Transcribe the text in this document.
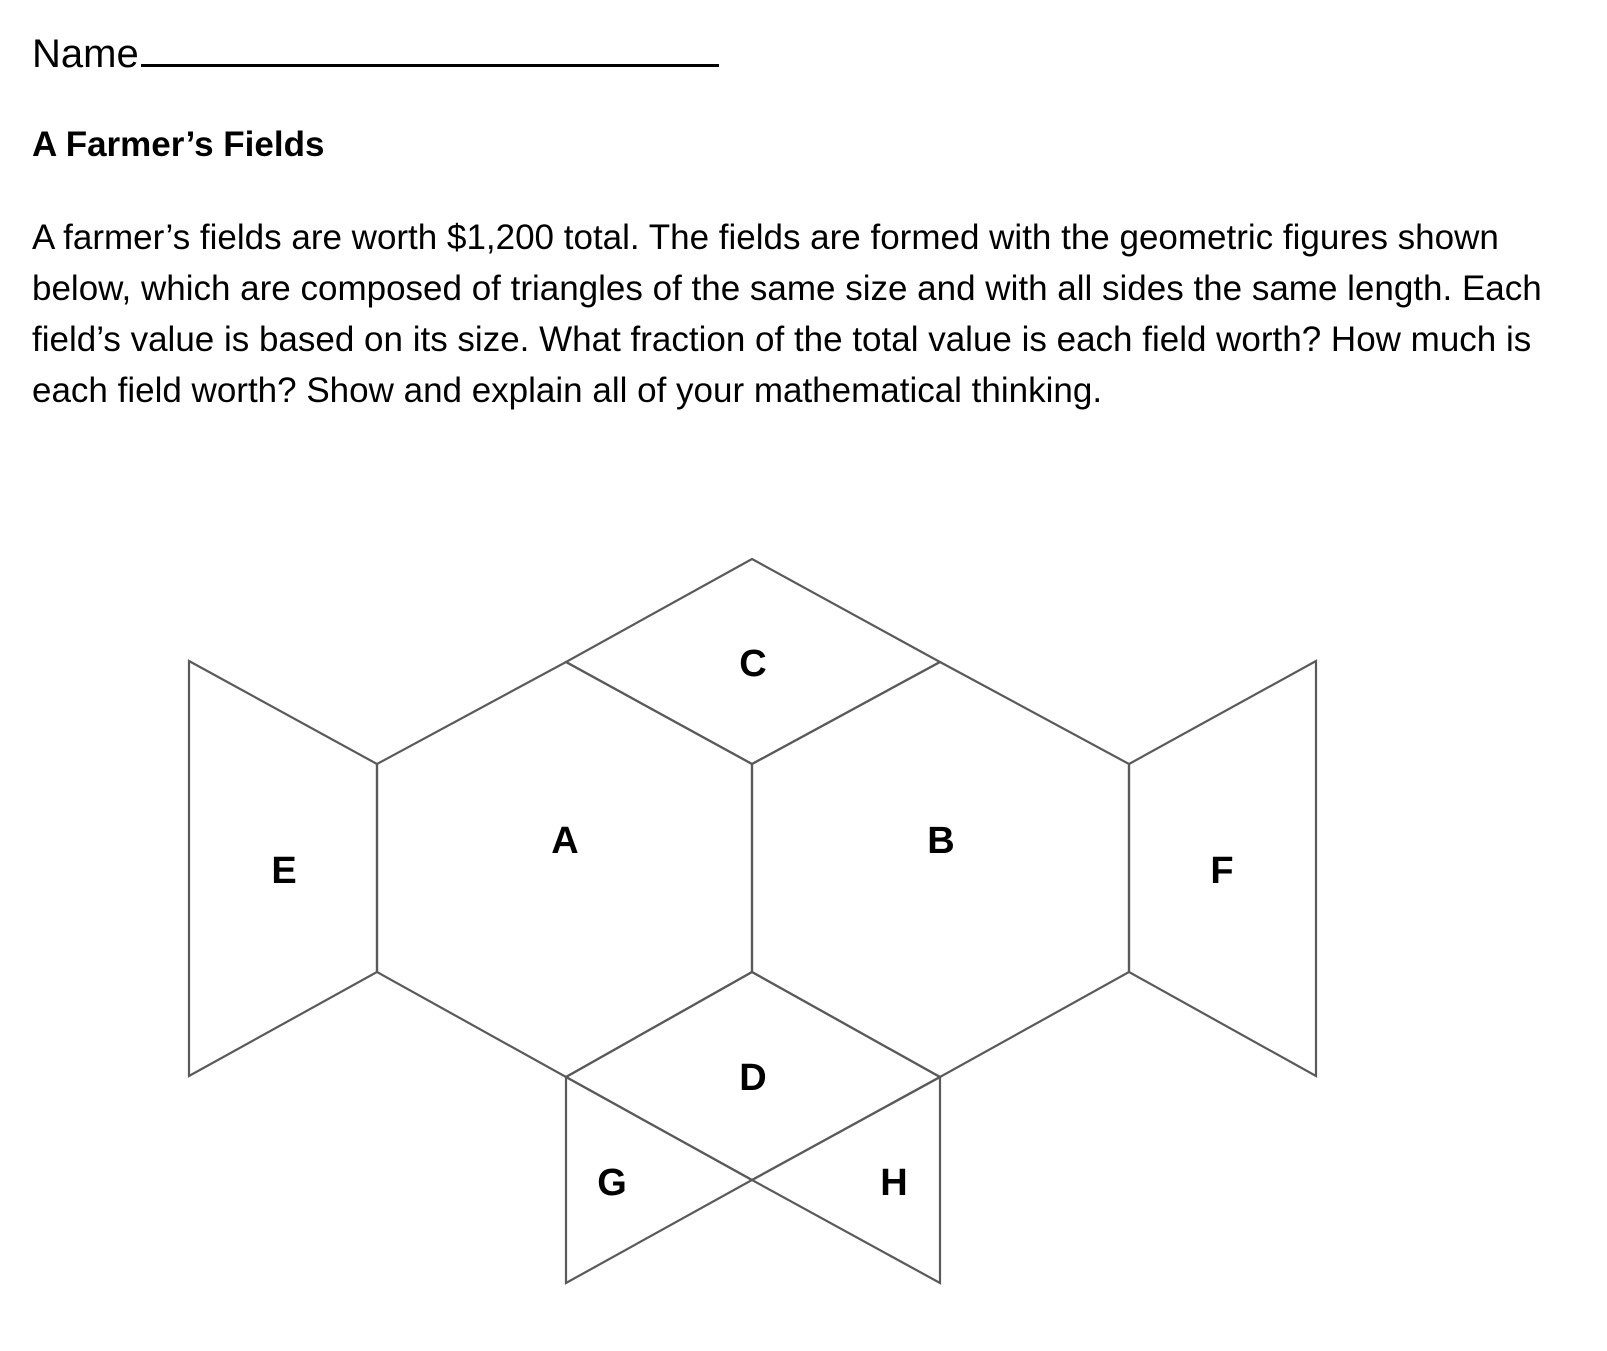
Name
A Farmer’s Fields

A farmer’s fields are worth $1,200 total. The fields are formed with the geometric figures shown below, which are composed of triangles of the same size and with all sides the same length. Each field’s value is based on its size. What fraction of the total value is each field worth? How much is each field worth? Show and explain all of your mathematical thinking.

C
A	B
E	F
D
G	H
